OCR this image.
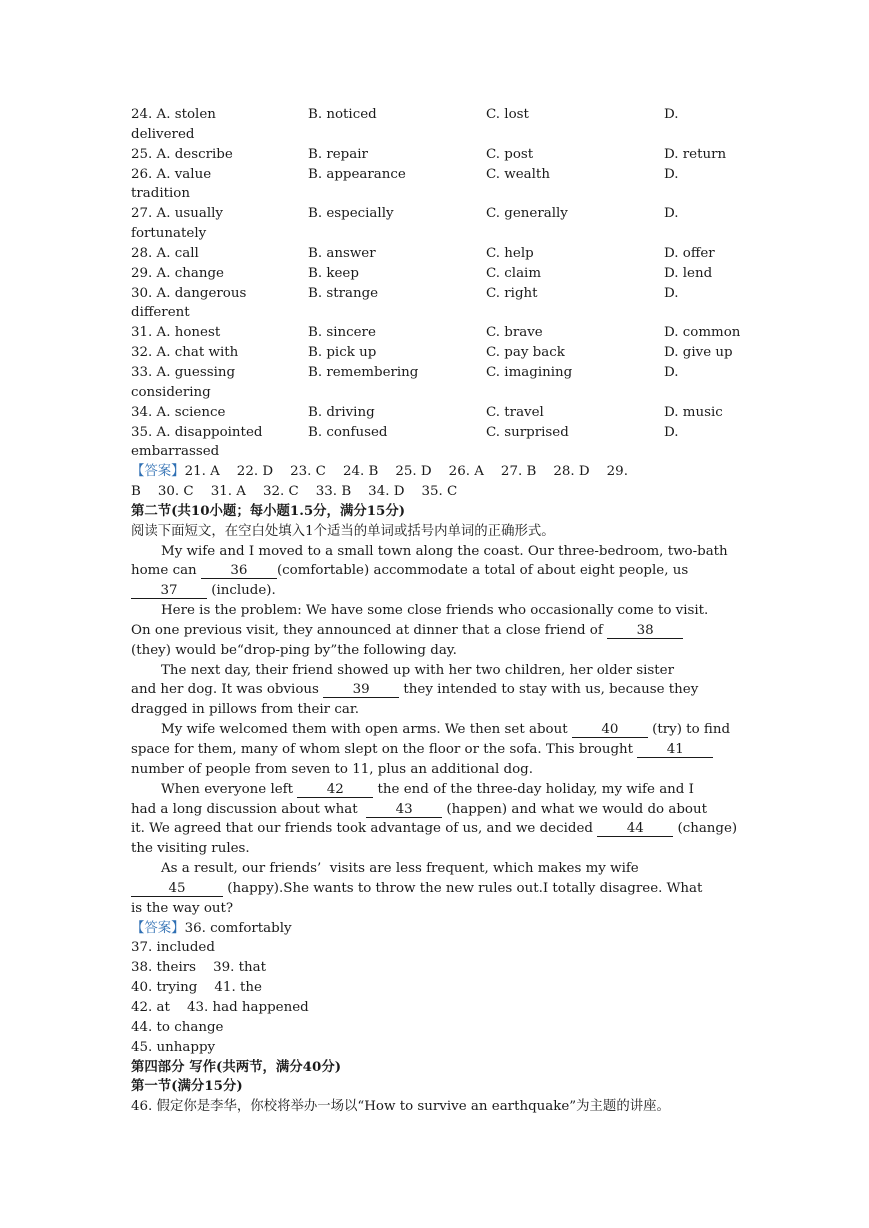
24. A. stolen	B. noticed	C. lost	D.
delivered
25. A. describe	B. repair	C. post	D. return
26. A. value	B. appearance	C. wealth	D.
tradition
27. A. usually	B. especially	C. generally	D.
fortunately
28. A. call	B. answer	C. help	D. offer
29. A. change	B. keep	C. claim	D. lend
30. A. dangerous	B. strange	C. right	D.
different
31. A. honest	B. sincere	C. brave	D. common
32. A. chat with	B. pick up	C. pay back	D. give up
33. A. guessing	B. remembering	C. imagining	D.
considering
34. A. science	B. driving	C. travel	D. music
35. A. disappointed	B. confused	C. surprised	D.
embarrassed
【答案】21. A    22. D    23. C    24. B    25. D    26. A    27. B    28. D    29.
B    30. C    31. A    32. C    33. B    34. D    35. C
第二节(共10小题；每小题1.5分，满分15分)
阅读下面短文，在空白处填入1个适当的单词或括号内单词的正确形式。
My wife and I moved to a small town along the coast. Our three-bedroom, two-bath
home can 36 (comfortable) accommodate a total of about eight people, us
37 (include).
Here is the problem: We have some close friends who occasionally come to visit.
On one previous visit, they announced at dinner that a close friend of 38
(they) would be“drop-ping by”the following day.
The next day, their friend showed up with her two children, her older sister
and her dog. It was obvious 39 they intended to stay with us, because they
dragged in pillows from their car.
My wife welcomed them with open arms. We then set about 40 (try) to find
space for them, many of whom slept on the floor or the sofa. This brought 41
number of people from seven to 11, plus an additional dog.
When everyone left 42 the end of the three-day holiday, my wife and I
had a long discussion about what  43 (happen) and what we would do about
it. We agreed that our friends took advantage of us, and we decided 44 (change)
the visiting rules.
As a result, our friends’  visits are less frequent, which makes my wife
45	(happy).She wants to throw the new rules out.I totally disagree. What
is the way out?
【答案】36. comfortably
37. included
38. theirs    39. that
40. trying    41. the
42. at    43. had happened
44. to change
45. unhappy
第四部分 写作(共两节，满分40分)
第一节(满分15分)
46. 假定你是李华，你校将举办一场以“How to survive an earthquake”为主题的讲座。
